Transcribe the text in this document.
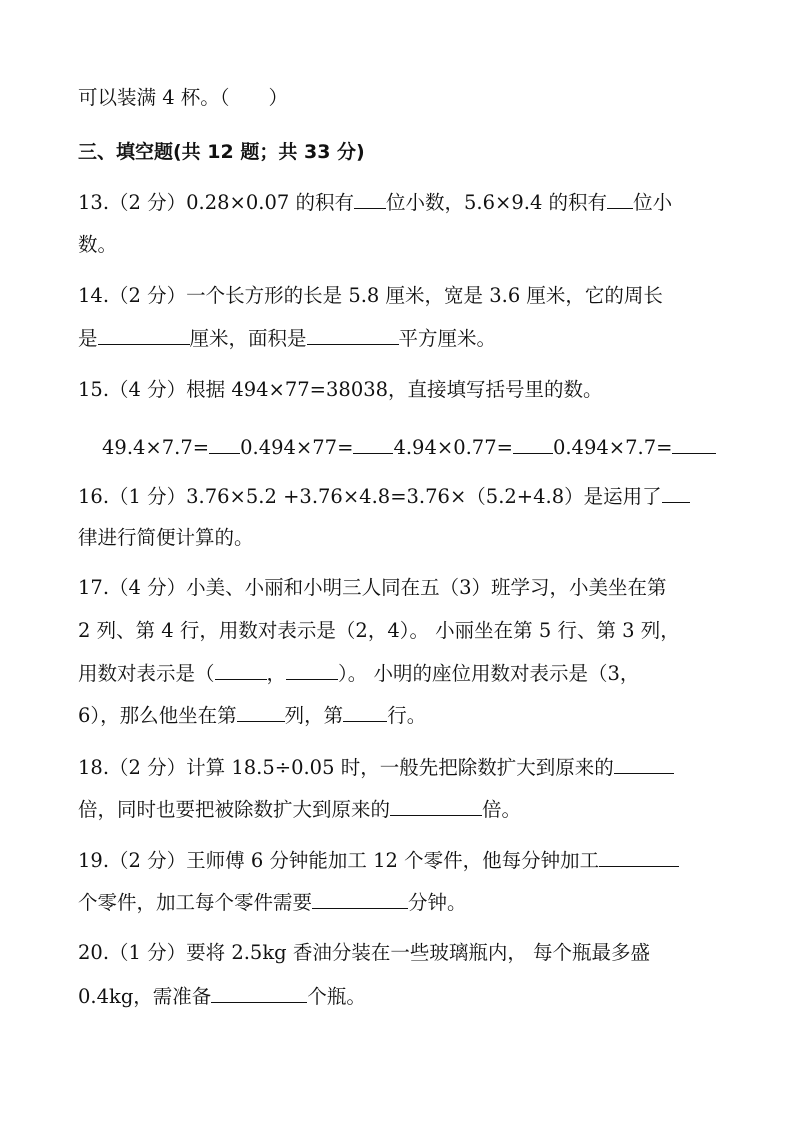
可以装满 4 杯。（　　）
三、填空题(共 12 题；共 33 分)
13.（2 分）0.28×0.07 的积有 位小数，5.6×9.4 的积有 位小
数。
14.（2 分）一个长方形的长是 5.8 厘米，宽是 3.6 厘米，它的周长
是	厘米，面积是	平方厘米。
15.（4 分）根据 494×77=38038，直接填写括号里的数。
49.4×7.7= 0.494×77= 4.94×0.77= 0.494×7.7=
16.（1 分）3.76×5.2 +3.76×4.8=3.76×（5.2+4.8）是运用了
律进行简便计算的。
17.（4 分）小美、小丽和小明三人同在五（3）班学习，小美坐在第
2 列、第 4 行，用数对表示是（2，4）。 小丽坐在第 5 行、第 3 列，
用数对表示是（	，	）。 小明的座位用数对表示是（3，
6），那么他坐在第 列，第 行。
18.（2 分）计算 18.5÷0.05 时，一般先把除数扩大到原来的
倍，同时也要把被除数扩大到原来的	倍。
19.（2 分）王师傅 6 分钟能加工 12 个零件，他每分钟加工
个零件，加工每个零件需要	分钟。
20.（1 分）要将 2.5kg 香油分装在一些玻璃瓶内， 每个瓶最多盛
0.4kg，需准备	个瓶。
